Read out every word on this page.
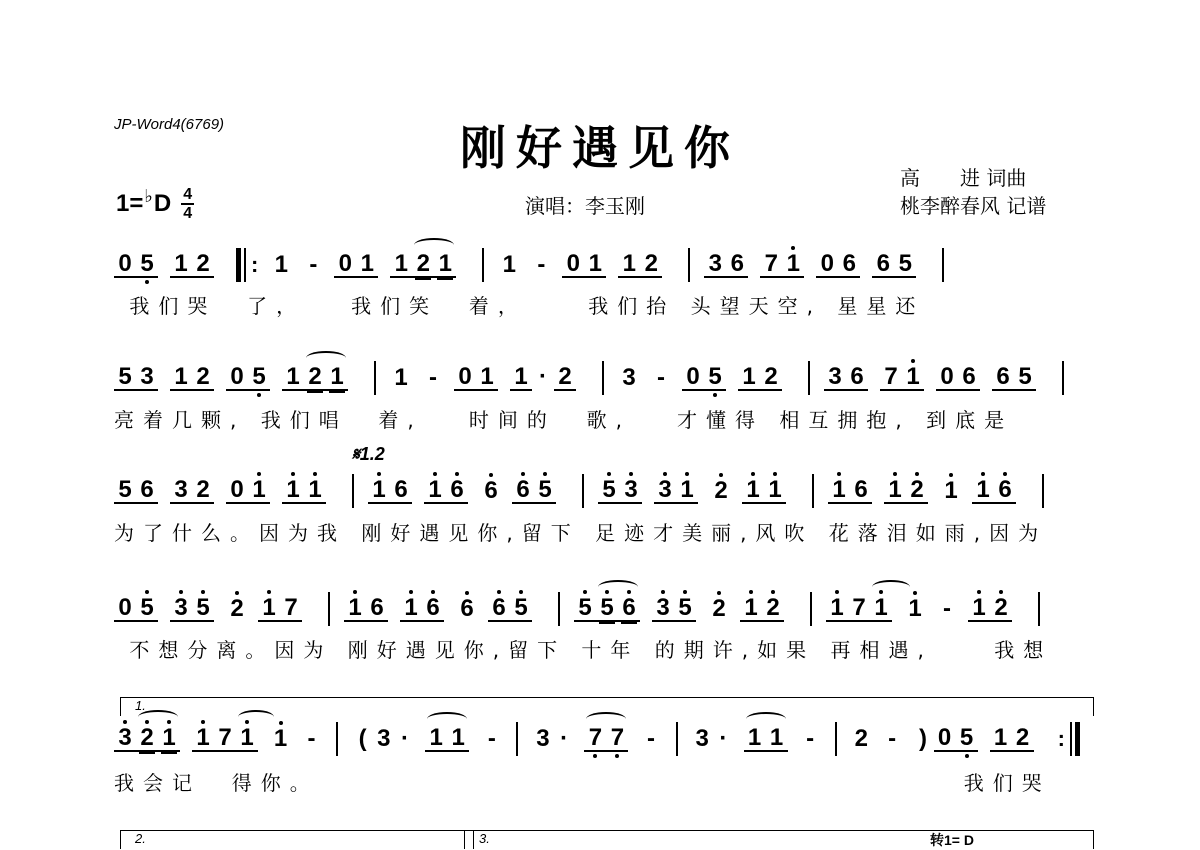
JP-Word4(6769)	刚好遇见你
演唱：李玉刚
高　　进 词曲
桃李醉春风 记谱
1= ♭ D $\frac{4}{4}$
0 5 1 2 : 1 - 0 1 1 2 1 1 - 0 1 1 2 3 6 7 1 0 6 6 5
我们哭  了，   我们笑  着，    我们抬 头望天空, 星星还
5 3 1 2 0 5 1 2 1 1 - 0 1 1 · 2 3 - 0 5 1 2 3 6 7 1 0 6 6 5
亮着几颗, 我们唱  着,   时间的  歌,   才懂得 相互拥抱, 到底是
𝄋1.2
5 6 3 2 0 1 1 1 1 6 1 6 6 6 5 5 3 3 1 2 1 1 1 6 1 2 1 1 6
为了什么。因为我 刚好遇见你,留下 足迹才美丽,风吹 花落泪如雨,因为
0 5 3 5 2 1 7 1 6 1 6 6 6 5 5 5 6 3 5 2 1 2 1 7 1 1 - 1 2
不想分离。因为 刚好遇见你,留下 十年 的期许,如果 再相遇,    我想
1.
3 2 1 1 7 1 1 - ( 3 · 1 1 - 3 · 7 7 - 3 · 1 1 - 2 - ) 0 5 1 2 :
我会记  得你。                                          我们哭
2.	3.	转1= D
